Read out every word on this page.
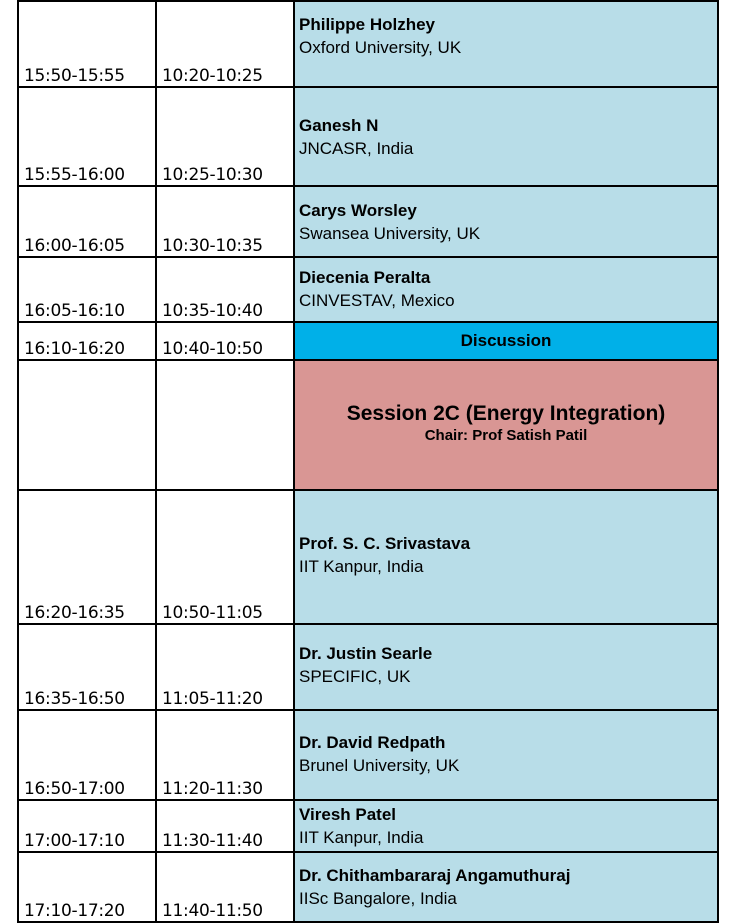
15:50-15:55	10:20-10:25	Philippe Holzhey
Oxford University, UK

15:55-16:00	10:25-10:30	Ganesh N
JNCASR, India

16:00-16:05	10:30-10:35	Carys Worsley
Swansea University, UK

16:05-16:10	10:35-10:40	Diecenia Peralta
CINVESTAV, Mexico

16:10-16:20	10:40-10:50	Discussion

		Session 2C (Energy Integration)
Chair: Prof Satish Patil

16:20-16:35	10:50-11:05	Prof. S. C. Srivastava
IIT Kanpur, India

16:35-16:50	11:05-11:20	Dr. Justin Searle
SPECIFIC, UK

16:50-17:00	11:20-11:30	Dr. David Redpath
Brunel University, UK

17:00-17:10	11:30-11:40	Viresh Patel
IIT Kanpur, India

17:10-17:20	11:40-11:50	Dr. Chithambararaj Angamuthuraj
IISc Bangalore, India
